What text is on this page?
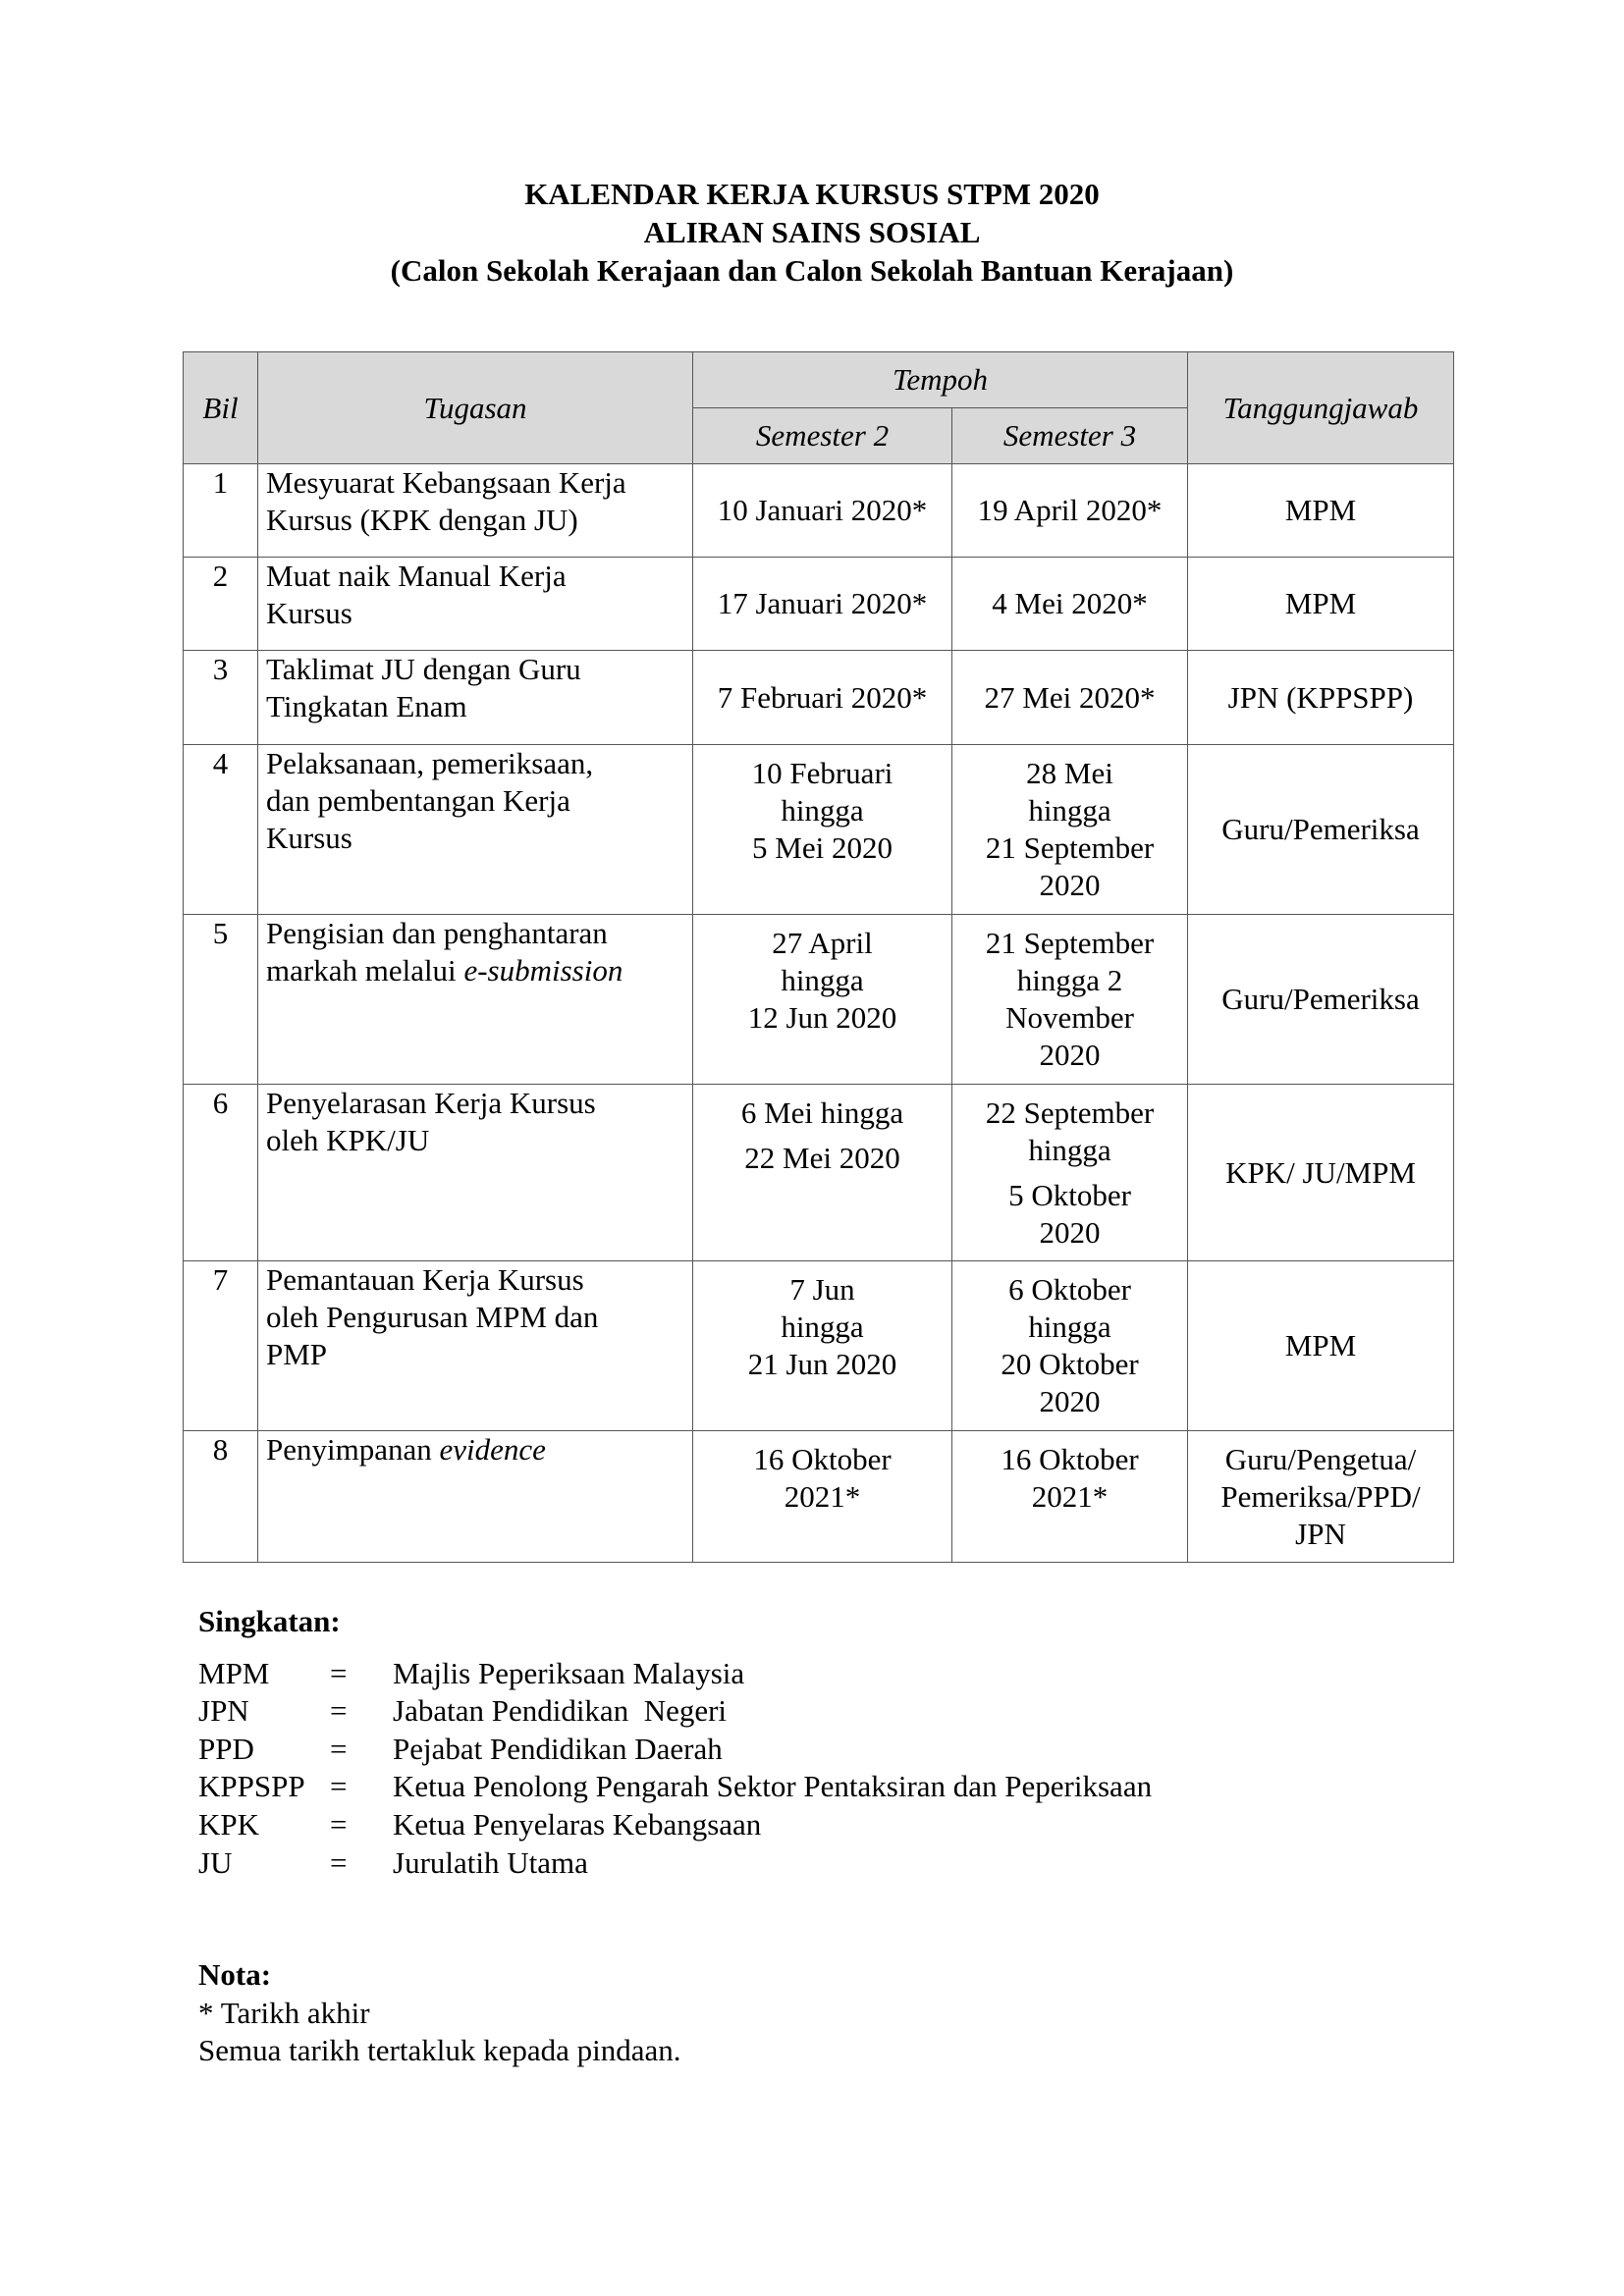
KALENDAR KERJA KURSUS STPM 2020
ALIRAN SAINS SOSIAL
(Calon Sekolah Kerajaan dan Calon Sekolah Bantuan Kerajaan)
Bil	Tugasan	Tempoh		Tanggungjawab
		Semester 2	Semester 3	
1	Mesyuarat Kebangsaan Kerja
Kursus (KPK dengan JU)	10 Januari 2020*	19 April 2020*	MPM

2	Muat naik Manual Kerja
Kursus	17 Januari 2020*	4 Mei 2020*	MPM

3	Taklimat JU dengan Guru
Tingkatan Enam	7 Februari 2020*	27 Mei 2020*	JPN (KPPSPP)

4	Pelaksanaan, pemeriksaan,
dan pembentangan Kerja
Kursus	10 Februari
hingga
5 Mei 2020	28 Mei
hingga
21 September
2020	Guru/Pemeriksa

5	Pengisian dan penghantaran
markah melalui e-submission	27 April
hingga
12 Jun 2020	21 September
hingga 2
November
2020	Guru/Pemeriksa

6	Penyelarasan Kerja Kursus
oleh KPK/JU	6 Mei hingga
22 Mei 2020	22 September
hingga
5 Oktober
2020	KPK/ JU/MPM

7	Pemantauan Kerja Kursus
oleh Pengurusan MPM dan
PMP	7 Jun
hingga
21 Jun 2020	6 Oktober
hingga
20 Oktober
2020	MPM

8	Penyimpanan evidence	16 Oktober
2021*	16 Oktober
2021*	Guru/Pengetua/
Pemeriksa/PPD/
JPN
Singkatan:
MPM	=	Majlis Peperiksaan Malaysia
JPN	=	Jabatan Pendidikan  Negeri
PPD	=	Pejabat Pendidikan Daerah
KPPSPP =	Ketua Penolong Pengarah Sektor Pentaksiran dan Peperiksaan
KPK	=	Ketua Penyelaras Kebangsaan
JU	=	Jurulatih Utama
Nota:
* Tarikh akhir
Semua tarikh tertakluk kepada pindaan.
